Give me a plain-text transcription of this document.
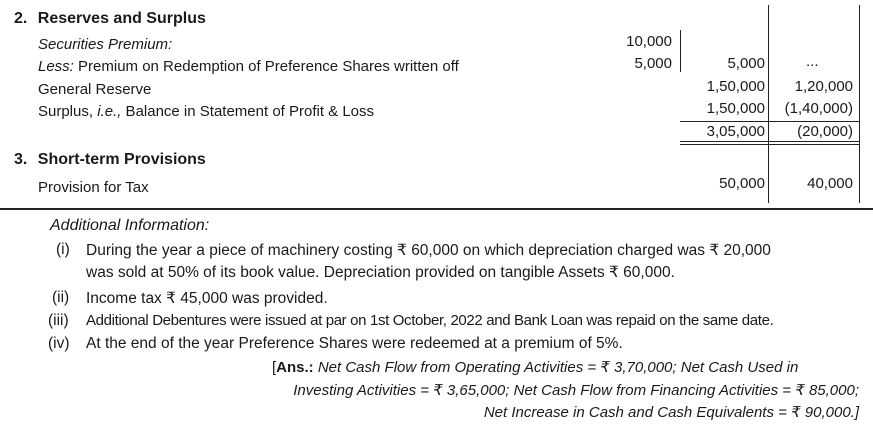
2. Reserves and Surplus
Securities Premium:	10,000
Less: Premium on Redemption of Preference Shares written off	5,000	5,000	...
General Reserve	1,50,000 1,20,000
Surplus, i.e., Balance in Statement of Profit & Loss	1,50,000 (1,40,000)
3,05,000 (20,000)
3. Short-term Provisions
Provision for Tax	50,000	40,000
Additional Information:
(i) During the year a piece of machinery costing ₹ 60,000 on which depreciation charged was ₹ 20,000
was sold at 50% of its book value. Depreciation provided on tangible Assets ₹ 60,000.
(ii) Income tax ₹ 45,000 was provided.
(iii) Additional Debentures were issued at par on 1st October, 2022 and Bank Loan was repaid on the same date.
(iv) At the end of the year Preference Shares were redeemed at a premium of 5%.
[Ans.: Net Cash Flow from Operating Activities = ₹ 3,70,000; Net Cash Used in
Investing Activities = ₹ 3,65,000; Net Cash Flow from Financing Activities = ₹ 85,000;
Net Increase in Cash and Cash Equivalents = ₹ 90,000.]
